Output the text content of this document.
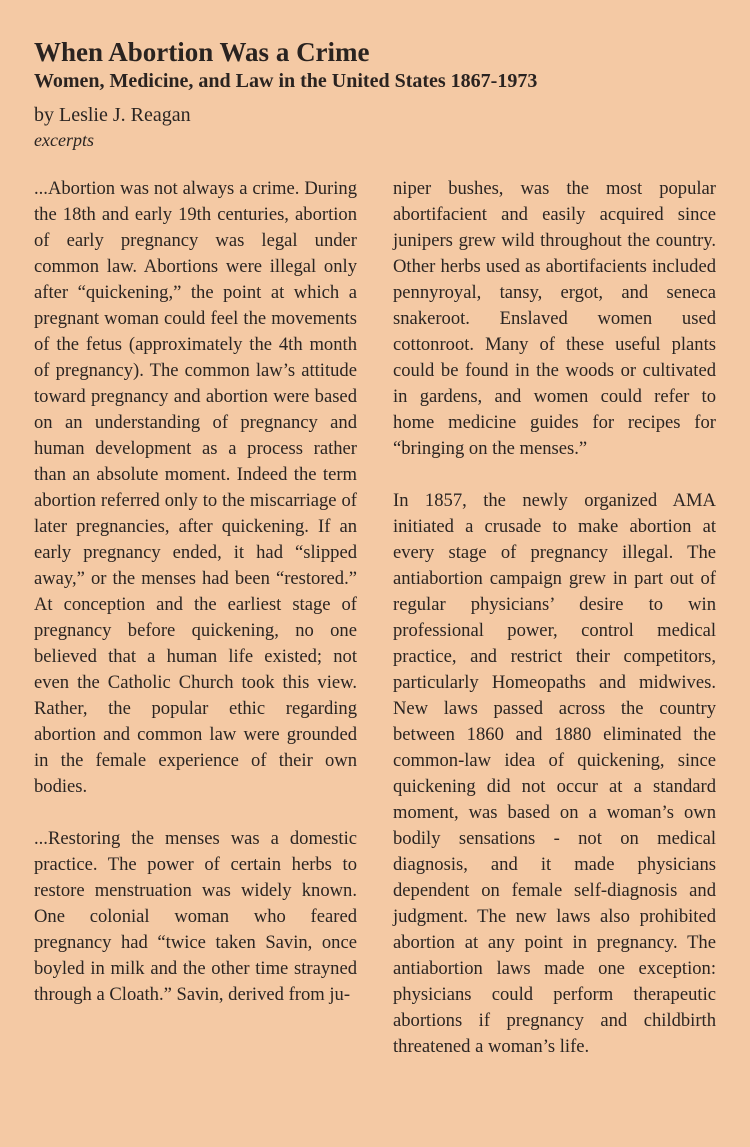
When Abortion Was a Crime
Women, Medicine, and Law in the United States 1867-1973

by Leslie J. Reagan

excerpts

...Abortion was not always a crime. During the 18th and early 19th centuries, abortion of early pregnancy was legal under common law. Abortions were illegal only after “quickening,” the point at which a pregnant woman could feel the movements of the fetus (approximately the 4th month of pregnancy). The common law’s attitude toward pregnancy and abortion were based on an understanding of pregnancy and human development as a process rather than an absolute moment. Indeed the term abortion referred only to the miscarriage of later pregnancies, after quickening. If an early pregnancy ended, it had “slipped away,” or the menses had been “restored.” At conception and the earliest stage of pregnancy before quickening, no one believed that a human life existed; not even the Catholic Church took this view. Rather, the popular ethic regarding abortion and common law were grounded in the female experience of their own bodies.

...Restoring the menses was a domestic practice. The power of certain herbs to restore menstruation was widely known. One colonial woman who feared pregnancy had “twice taken Savin, once boyled in milk and the other time strayned through a Cloath.” Savin, derived from ju-

niper bushes, was the most popular abortifacient and easily acquired since junipers grew wild throughout the country. Other herbs used as abortifacients included pennyroyal, tansy, ergot, and seneca snakeroot. Enslaved women used cottonroot. Many of these useful plants could be found in the woods or cultivated in gardens, and women could refer to home medicine guides for recipes for “bringing on the menses.”

In 1857, the newly organized AMA initiated a crusade to make abortion at every stage of pregnancy illegal. The antiabortion campaign grew in part out of regular physicians’ desire to win professional power, control medical practice, and restrict their competitors, particularly Homeopaths and midwives. New laws passed across the country between 1860 and 1880 eliminated the common-law idea of quickening, since quickening did not occur at a standard moment, was based on a woman’s own bodily sensations - not on medical diagnosis, and it made physicians dependent on female self-diagnosis and judgment. The new laws also prohibited abortion at any point in pregnancy. The antiabortion laws made one exception: physicians could perform therapeutic abortions if pregnancy and childbirth threatened a woman’s life.
